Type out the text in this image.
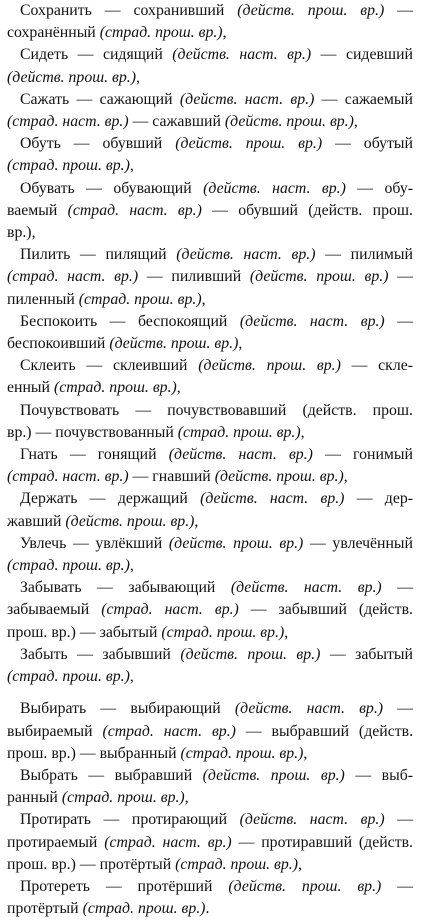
Сохранить — сохранивший (действ. прош. вр.) —
сохранённый (страд. прош. вр.),

Сидеть — сидящий (действ. наст. вр.) — сидевший
(действ. прош. вр.),

Сажать — сажающий (действ. наст. вр.) — сажаемый
(страд. наст. вр.) — сажавший (действ. прош. вр.),

Обуть — обувший (действ. прош. вр.) — обутый
(страд. прош. вр.),

Обувать — обувающий (действ. наст. вр.) — обу-
ваемый (страд. наст. вр.) — обувший (действ. прош.
вр.),

Пилить — пилящий (действ. наст. вр.) — пилимый
(страд. наст. вр.) — пиливший (действ. прош. вр.) —
пиленный (страд. прош. вр.),

Беспокоить — беспокоящий (действ. наст. вр.) —
беспокоивший (действ. прош. вр.),

Склеить — склеивший (действ. прош. вр.) — скле-
енный (страд. прош. вр.),

Почувствовать — почувствовавший (действ. прош.
вр.) — почувствованный (страд. прош. вр.),

Гнать — гонящий (действ. наст. вр.) — гонимый
(страд. наст. вр.) — гнавший (действ. прош. вр.),

Держать — держащий (действ. наст. вр.) — дер-
жавший (действ. прош. вр.),

Увлечь — увлёкший (действ. прош. вр.) — увлечённый
(страд. прош. вр.),

Забывать — забывающий (действ. наст. вр.) —
забываемый (страд. наст. вр.) — забывший (действ.
прош. вр.) — забытый (страд. прош. вр.),

Забыть — забывший (действ. прош. вр.) — забытый
(страд. прош. вр.),

Выбирать — выбирающий (действ. наст. вр.) —
выбираемый (страд. наст. вр.) — выбравший (действ.
прош. вр.) — выбранный (страд. прош. вр.),

Выбрать — выбравший (действ. прош. вр.) — выб-
ранный (страд. прош. вр.),

Протирать — протирающий (действ. наст. вр.) —
протираемый (страд. наст. вр.) — протиравший (действ.
прош. вр.) — протёртый (страд. прош. вр.),

Протереть — протёрший (действ. прош. вр.) —
протёртый (страд. прош. вр.).
